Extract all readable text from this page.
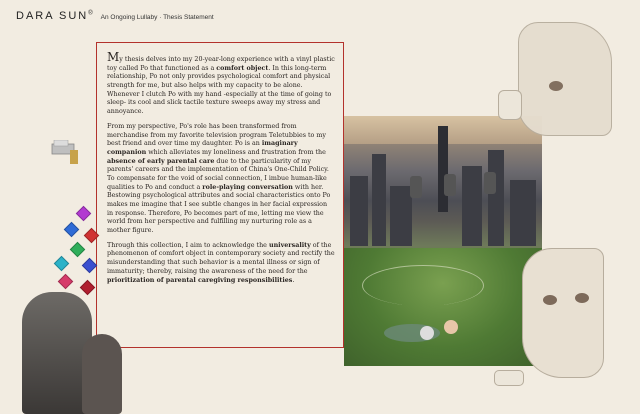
DARA SUN®
An Ongoing Lullaby · Thesis Statement

My thesis delves into my 20-year-long experience with a vinyl plastic toy called Po that functioned as a comfort object. In this long-term relationship, Po not only provides psychological comfort and physical strength for me, but also helps with my capacity to be alone. Whenever I clutch Po with my hand -especially at the time of going to sleep- its cool and slick tactile texture sweeps away my stress and annoyance.

From my perspective, Po's role has been transformed from merchandise from my favorite television program Teletubbies to my best friend and over time my daughter. Po is an imaginary companion which alleviates my loneliness and frustration from the absence of early parental care due to the particularity of my parents' careers and the implementation of China's One-Child Policy. To compensate for the void of social connection, I imbue human-like qualities to Po and conduct a role-playing conversation with her. Bestowing psychological attributes and social characteristics onto Po makes me imagine that I see subtle changes in her facial expression in response. Therefore, Po becomes part of me, letting me view the world from her perspective and fulfilling my nurturing role as a mother figure.

Through this collection, I aim to acknowledge the universality of the phenomenon of comfort object in contemporary society and rectify the misunderstanding that such behavior is a mental illness or sign of immaturity; thereby, raising the awareness of the need for the prioritization of parental caregiving responsibilities.
